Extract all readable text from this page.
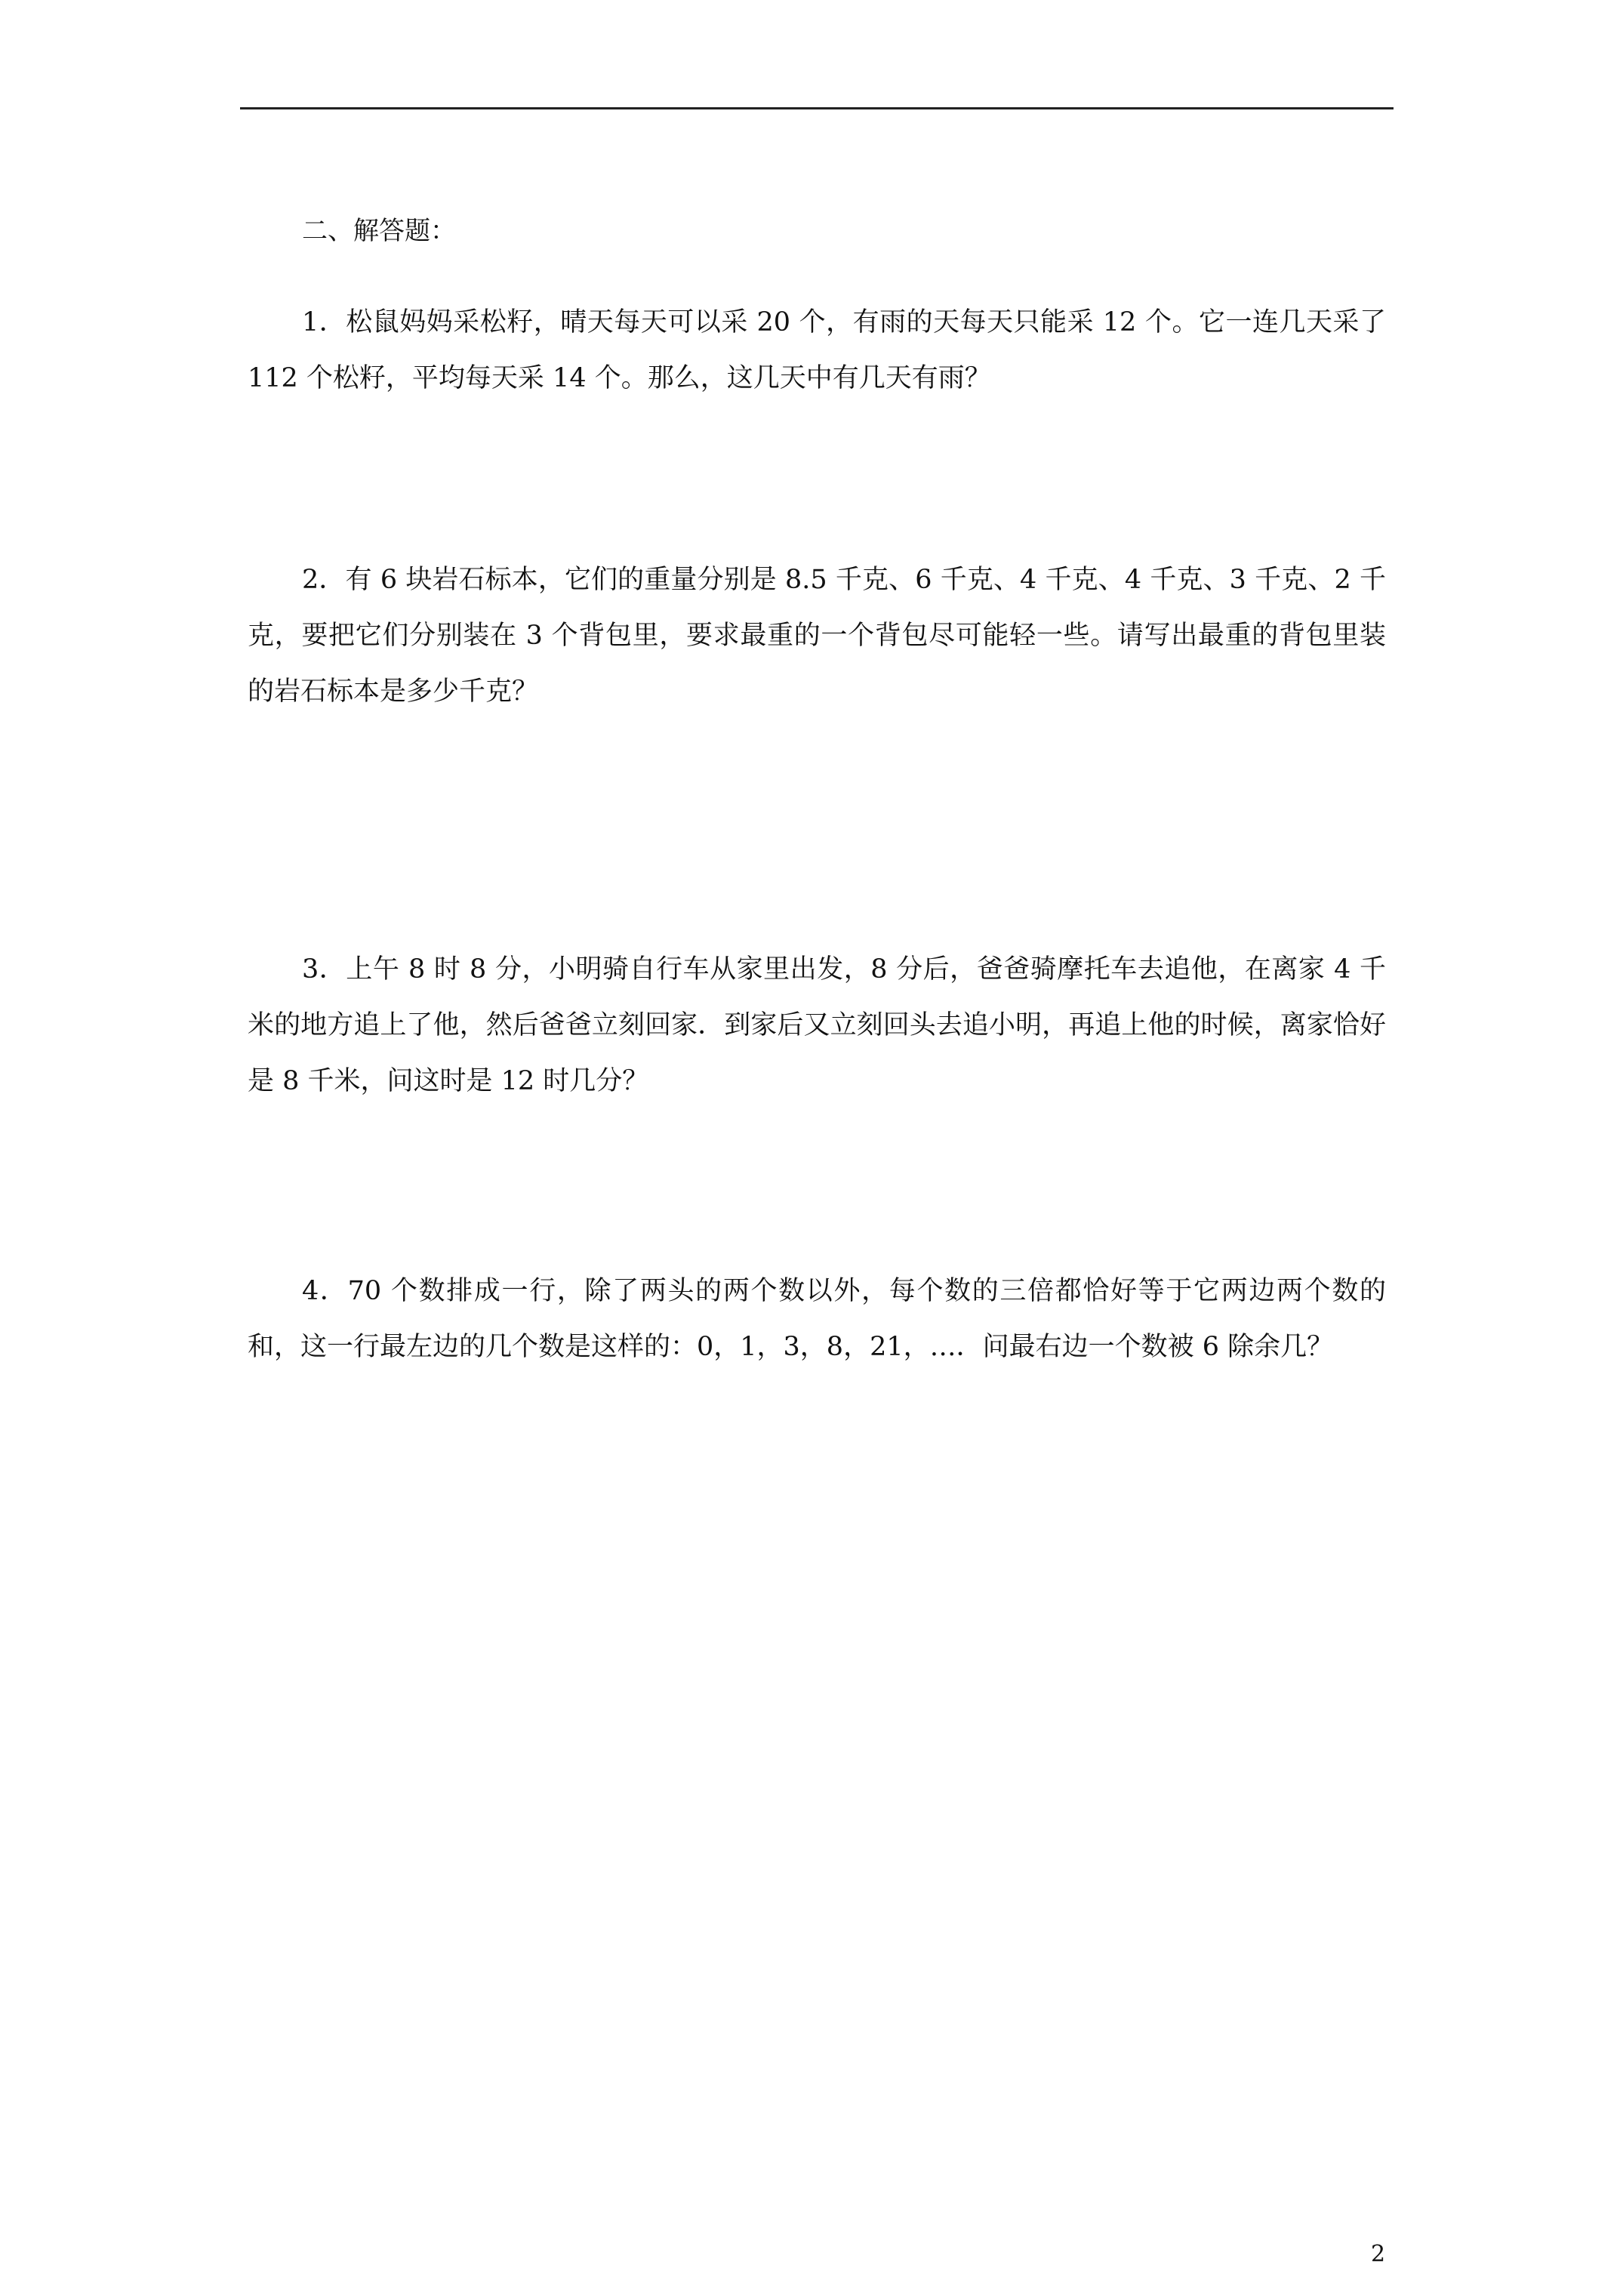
二、解答题：

1．松鼠妈妈采松籽，晴天每天可以采 20 个，有雨的天每天只能采 12 个。它一连几天采了 112 个松籽，平均每天采 14 个。那么，这几天中有几天有雨？

2．有 6 块岩石标本，它们的重量分别是 8.5 千克、6 千克、4 千克、4 千克、3 千克、2 千克，要把它们分别装在 3 个背包里，要求最重的一个背包尽可能轻一些。请写出最重的背包里装的岩石标本是多少千克？

3．上午 8 时 8 分，小明骑自行车从家里出发，8 分后，爸爸骑摩托车去追他，在离家 4 千米的地方追上了他，然后爸爸立刻回家．到家后又立刻回头去追小明，再追上他的时候，离家恰好是 8 千米，问这时是 12 时几分？

4．70 个数排成一行，除了两头的两个数以外，每个数的三倍都恰好等于它两边两个数的和，这一行最左边的几个数是这样的：0，1，3，8，21，…．问最右边一个数被 6 除余几？

2
